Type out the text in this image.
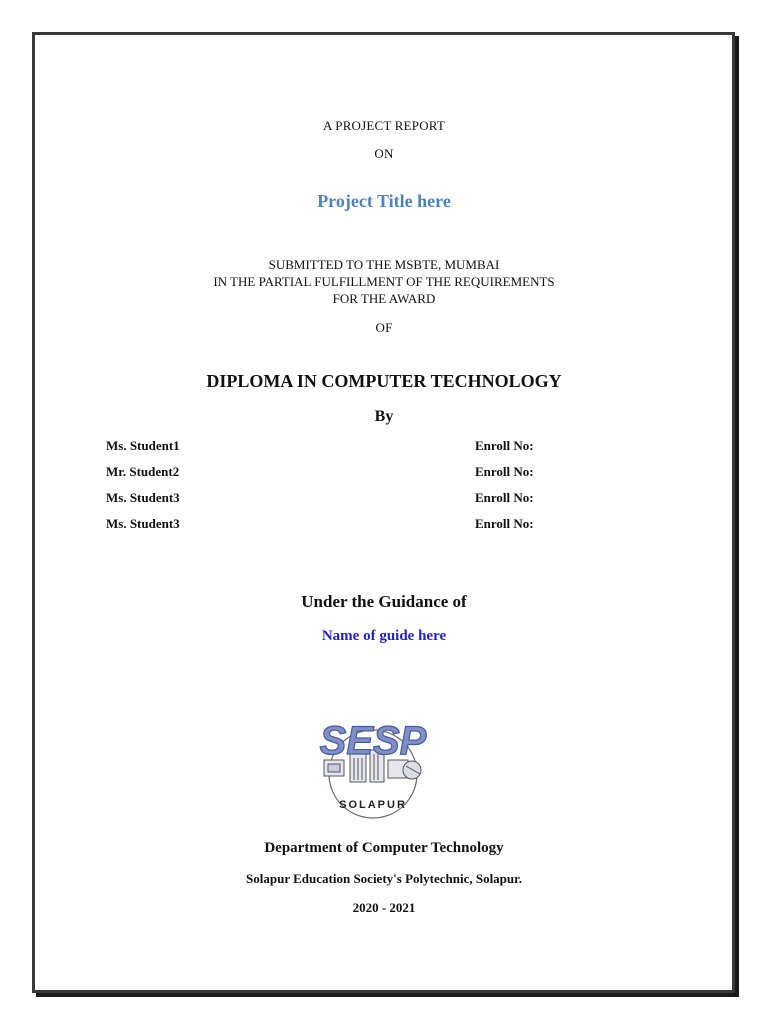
A PROJECT REPORT
ON
Project Title here
SUBMITTED TO THE MSBTE, MUMBAI
IN THE PARTIAL FULFILLMENT OF THE REQUIREMENTS
FOR THE AWARD
OF
DIPLOMA IN COMPUTER TECHNOLOGY
By
Ms. Student1	Enroll No:
Mr. Student2	Enroll No:
Ms. Student3	Enroll No:
Ms. Student3	Enroll No:
Under the Guidance of
Name of guide here
SESP
SOLAPUR
Department of Computer Technology
Solapur Education Society's Polytechnic, Solapur.
2020 - 2021
